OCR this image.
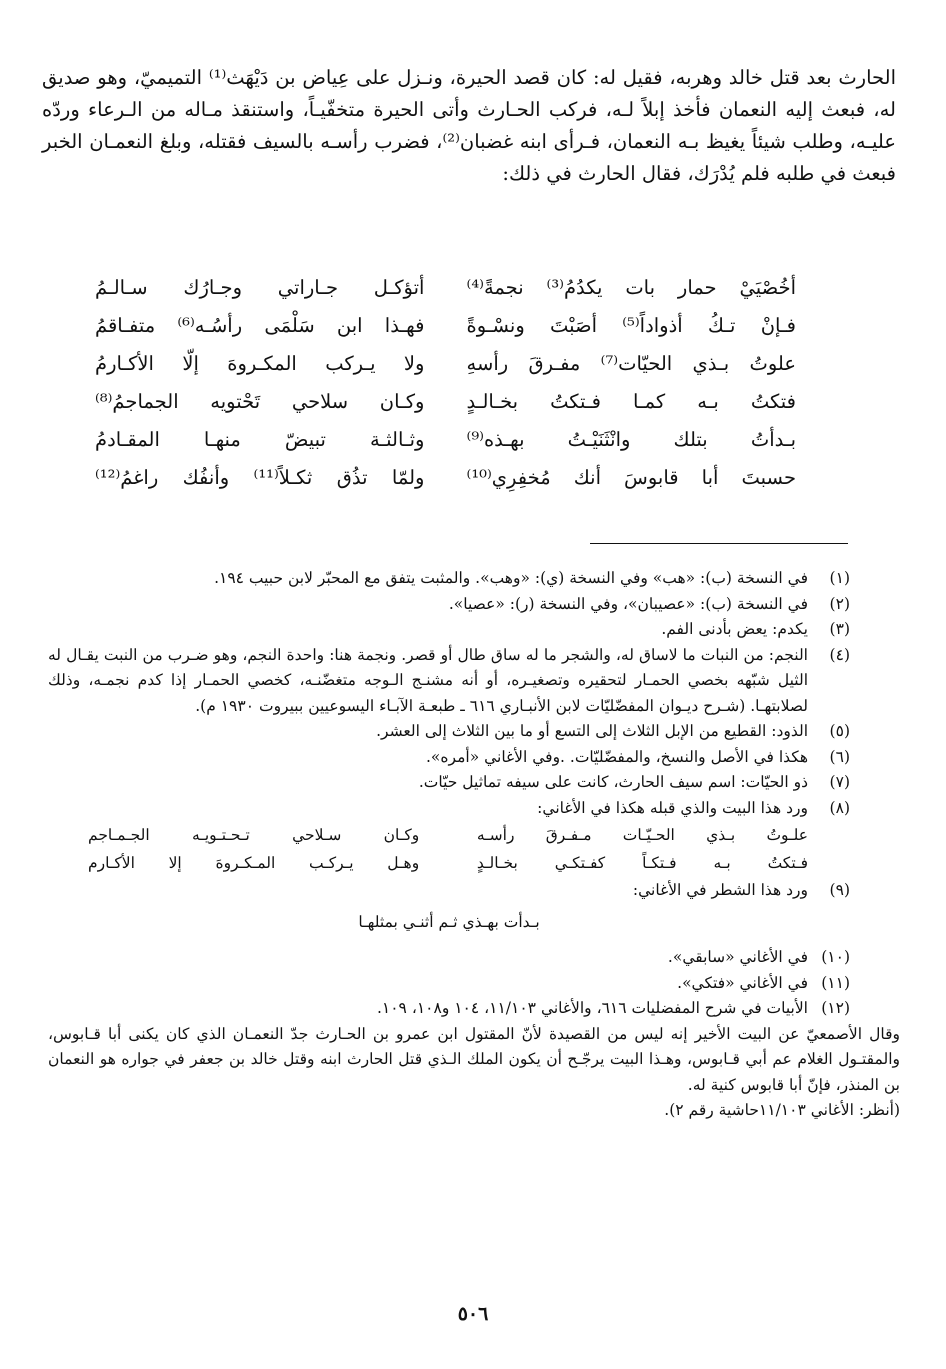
الحارث بعد قتل خالد وهربه، فقيل له: كان قصد الحيرة، ونـزل على عِياض بن دَيْهَث⁽¹⁾ التميميّ، وهو صديق له، فبعث إليه النعمان فأخذ إبلاً لـه، فركب الحـارث وأتى الحيرة متخفّيـاً، واستنقذ مـاله من الـرعاء وردّه عليـه، وطلب شيئاً يغيظ بـه النعمان، فـرأى ابنه غضبان⁽²⁾، فضرب رأسـه بالسيف فقتله، وبلغ النعمـان الخبر فبعث في طلبه فلم يُدْرَك، فقال الحارث في ذلك:

أخُصْيَيْ حمار بات يكدُمُ⁽³⁾ نجمةً⁽⁴⁾
أتؤكـل جـاراتي وجـارُك سـالـمُ
فـإنْ تـكُ أذواداً⁽⁵⁾ أصَبْتَ ونسْـوةً
فهـذا ابن سَلْمَى رأسُـه⁽⁶⁾ متفـاقمُ
علوتُ بـذي الحيّات⁽⁷⁾ مفـرقَ رأسهِ
ولا يـركب المكـروهَ إلّا الأكـارمُ
فتكتُ بـه كمـا فـتكتُ بخـالـدٍ
وكـان سلاحي تَحْتويه الجماجمُ⁽⁸⁾
بـدأتُ بتلك وانْثَنَيْـتُ بهـذه⁽⁹⁾
وثـالثـة تبيضّ منهـا المقـادمُ
حسبتَ أبا قابوسَ أنك مُخفِرِي⁽¹⁰⁾
ولمّا تذُق ثكـلاً⁽¹¹⁾ وأنفُك راغمُ⁽¹²⁾
(١)
في النسخة (ب): «هب» وفي النسخة (ي): «وهب». والمثبت يتفق مع المحبّر لابن حبيب ١٩٤.
(٢)
في النسخة (ب): «عصيبان»، وفي النسخة (ر): «عصيا».
(٣)
يكدم: يعض بأدنى الفم.
(٤)
النجم: من النبات ما لاساق له، والشجر ما له ساق طال أو قصر. ونجمة هنا: واحدة النجم، وهو ضـرب من النبت يقـال له الثيل شبّهه بخصي الحمـار لتحقيره وتصغيـره، أو أنه مشنـج الـوجه متغضّنـه، كخصي الحمـار إذا كدم نجمـه، وذلك لصلابتهـا. (شـرح ديـوان المفضّليّات لابن الأنبـاري ٦١٦ ـ طبعـة الآبـاء اليسوعيين ببيروت ١٩٣٠ م).
(٥)
الذود: القطيع من الإبل الثلاث إلى التسع أو ما بين الثلاث إلى العشر.
(٦)
هكذا في الأصل والنسخ، والمفضّليّات. .وفي الأغاني «أمره».
(٧)
ذو الحيّات: اسم سيف الحارث، كانت على سيفه تماثيل حيّات.
(٨)
ورد هذا البيت والذي قبله هكذا في الأغاني:
علـوتُ بـذي الحـيّـات مـفـرقَ رأسـه
وكـان سـلاحي تـحـتـويـه الجـمـاجم
فـتكتُ بـه فـتكـاً كفـتكـي بخـالـدٍ
وهـل يـركـب المـكـروهَ إلا الأكـارم
(٩)
ورد هذا الشطر في الأغاني:
بـدأت بهـذي ثـم أثنـي بمثلهـا
(١٠)
في الأغاني «سابقي».
(١١)
في الأغاني «فتكي».
(١٢)
الأبيات في شرح المفضليات ٦١٦، والأغاني ١١/١٠٣، ١٠٤ و١٠٨، ١٠٩.
وقال الأصمعيّ عن البيت الأخير إنه ليس من القصيدة لأنّ المقتول ابن عمرو بن الحـارث جدّ النعمـان الذي كان يكنى أبا قـابوس، والمقتـول الغلام عم أبي قـابوس، وهـذا البيت يرجّـح أن يكون الملك الـذي قتل الحارث ابنه وقتل خالد بن جعفر في جواره هو النعمان بن المنذر، فإنّ أبا قابوس كنية له.
(أنظر: الأغاني ١١/١٠٣حاشية رقم ٢).
٥٠٦
